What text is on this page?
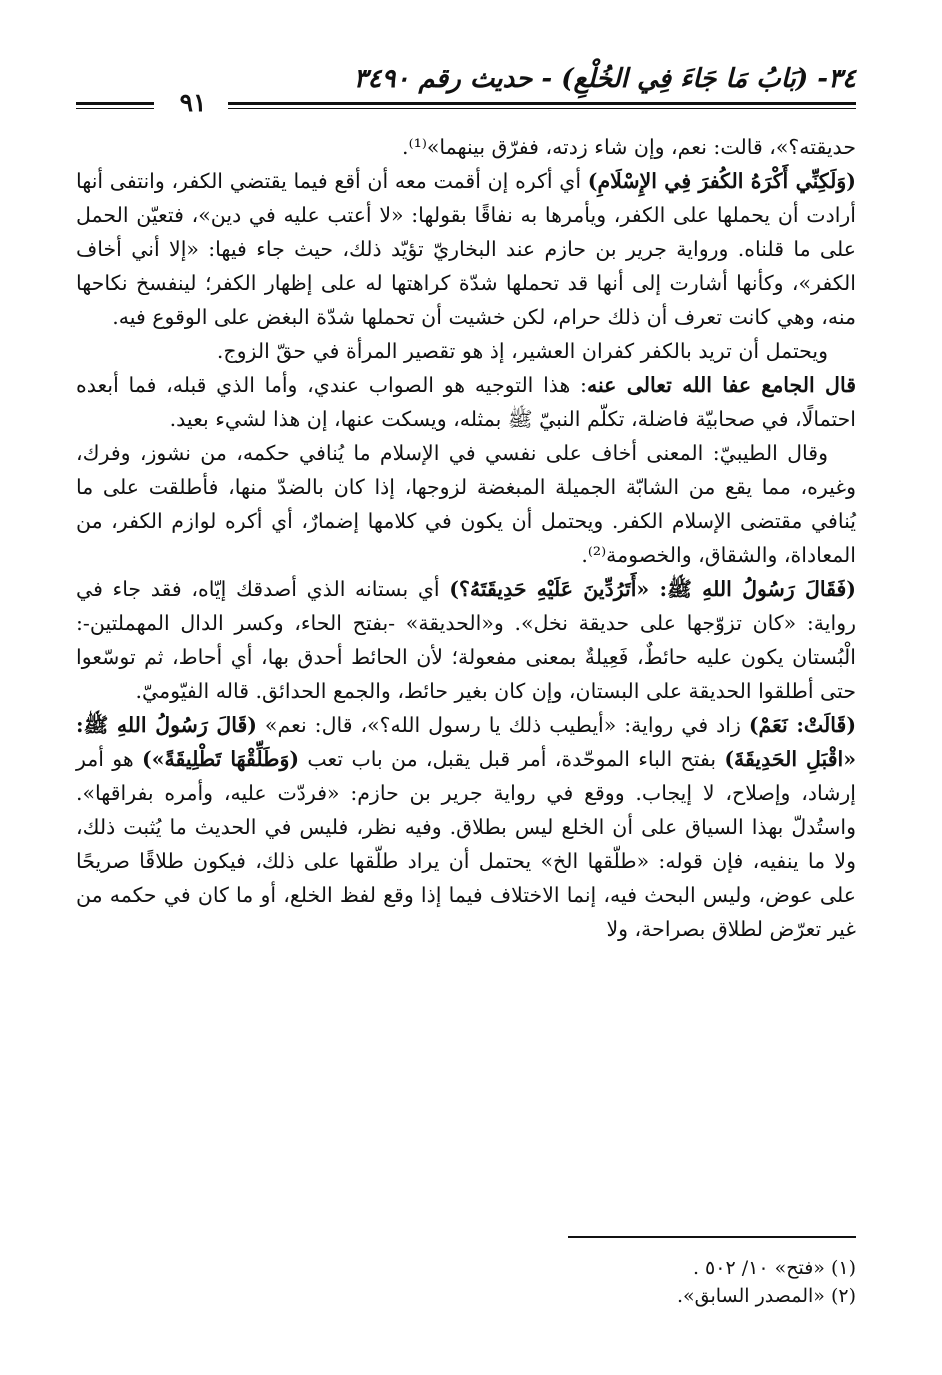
٣٤- (بَابُ مَا جَاءَ فِي الخُلْعِ) - حديث رقم ٣٤٩٠
٩١

حديقته؟»، قالت: نعم، وإن شاء زدته، ففرّق بينهما»⁽¹⁾.

(وَلَكِنِّي أَكْرَهُ الكُفرَ فِي الإِسْلَامِ) أي أكره إن أقمت معه أن أقع فيما يقتضي الكفر، وانتفى أنها أرادت أن يحملها على الكفر، ويأمرها به نفاقًا بقولها: «لا أعتب عليه في دين»، فتعيّن الحمل على ما قلناه. ورواية جرير بن حازم عند البخاريّ تؤيّد ذلك، حيث جاء فيها: «إلا أني أخاف الكفر»، وكأنها أشارت إلى أنها قد تحملها شدّة كراهتها له على إظهار الكفر؛ لينفسخ نكاحها منه، وهي كانت تعرف أن ذلك حرام، لكن خشيت أن تحملها شدّة البغض على الوقوع فيه.

ويحتمل أن تريد بالكفر كفران العشير، إذ هو تقصير المرأة في حقّ الزوج.

قال الجامع عفا الله تعالى عنه: هذا التوجيه هو الصواب عندي، وأما الذي قبله، فما أبعده احتمالًا، في صحابيّة فاضلة، تكلّم النبيّ ﷺ بمثله، ويسكت عنها، إن هذا لشيء بعيد.

وقال الطيبيّ: المعنى أخاف على نفسي في الإسلام ما يُنافي حكمه، من نشوز، وفرك، وغيره، مما يقع من الشابّة الجميلة المبغضة لزوجها، إذا كان بالضدّ منها، فأطلقت على ما يُنافي مقتضى الإسلام الكفر. ويحتمل أن يكون في كلامها إضمارٌ، أي أكره لوازم الكفر، من المعاداة، والشقاق، والخصومة⁽²⁾.

(فَقَالَ رَسُولُ اللهِ ﷺ: «أَتَرُدِّينَ عَلَيْهِ حَدِيقَتَهُ؟) أي بستانه الذي أصدقك إيّاه، فقد جاء في رواية: «كان تزوّجها على حديقة نخل». و«الحديقة» -بفتح الحاء، وكسر الدال المهملتين-: الْبُستان يكون عليه حائطٌ، فَعِيلةٌ بمعنى مفعولة؛ لأن الحائط أحدق بها، أي أحاط، ثم توسّعوا حتى أطلقوا الحديقة على البستان، وإن كان بغير حائط، والجمع الحدائق. قاله الفيّوميّ.

(قَالَتْ: نَعَمْ) زاد في رواية: «أيطيب ذلك يا رسول الله؟»، قال: نعم» (قَالَ رَسُولُ اللهِ ﷺ: «اقْبَلِ الحَدِيقَةَ) بفتح الباء الموحّدة، أمر قبل يقبل، من باب تعب (وَطَلِّقْهَا تَطْلِيقَةً») هو أمر إرشاد، وإصلاح، لا إيجاب. ووقع في رواية جرير بن حازم: «فردّت عليه، وأمره بفراقها». واستُدلّ بهذا السياق على أن الخلع ليس بطلاق. وفيه نظر، فليس في الحديث ما يُثبت ذلك، ولا ما ينفيه، فإن قوله: «طلّقها الخ» يحتمل أن يراد طلّقها على ذلك، فيكون طلاقًا صريحًا على عوض، وليس البحث فيه، إنما الاختلاف فيما إذا وقع لفظ الخلع، أو ما كان في حكمه من غير تعرّض لطلاق بصراحة، ولا

(١) «فتح» ١٠/ ٥٠٢ .

(٢) «المصدر السابق».
